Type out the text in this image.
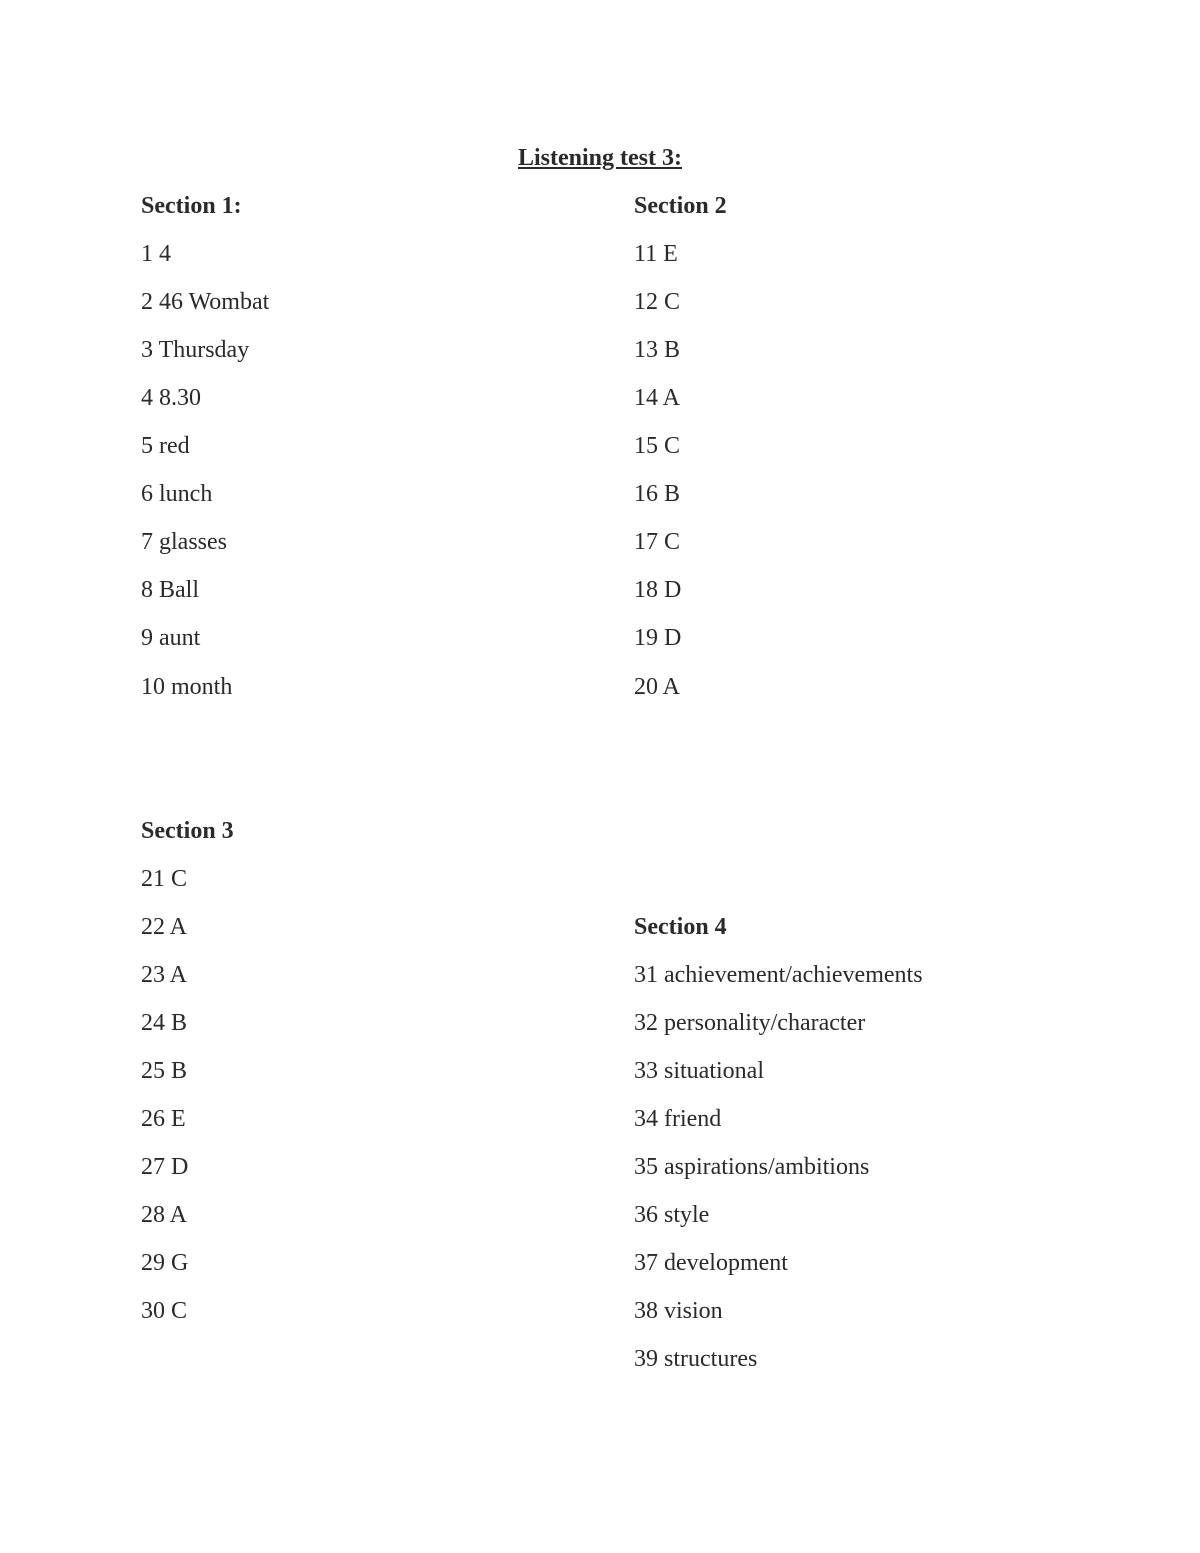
Listening test 3:
Section 1:
1 4
2 46 Wombat
3 Thursday
4 8.30
5 red
6 lunch
7 glasses
8 Ball
9 aunt
10 month
Section 2
11 E
12 C
13 B
14 A
15 C
16 B
17 C
18 D
19 D
20 A
Section 3
21 C
22 A
23 A
24 B
25 B
26 E
27 D
28 A
29 G
30 C
Section 4
31 achievement/achievements
32 personality/character
33 situational
34 friend
35 aspirations/ambitions
36 style
37 development
38 vision
39 structures
